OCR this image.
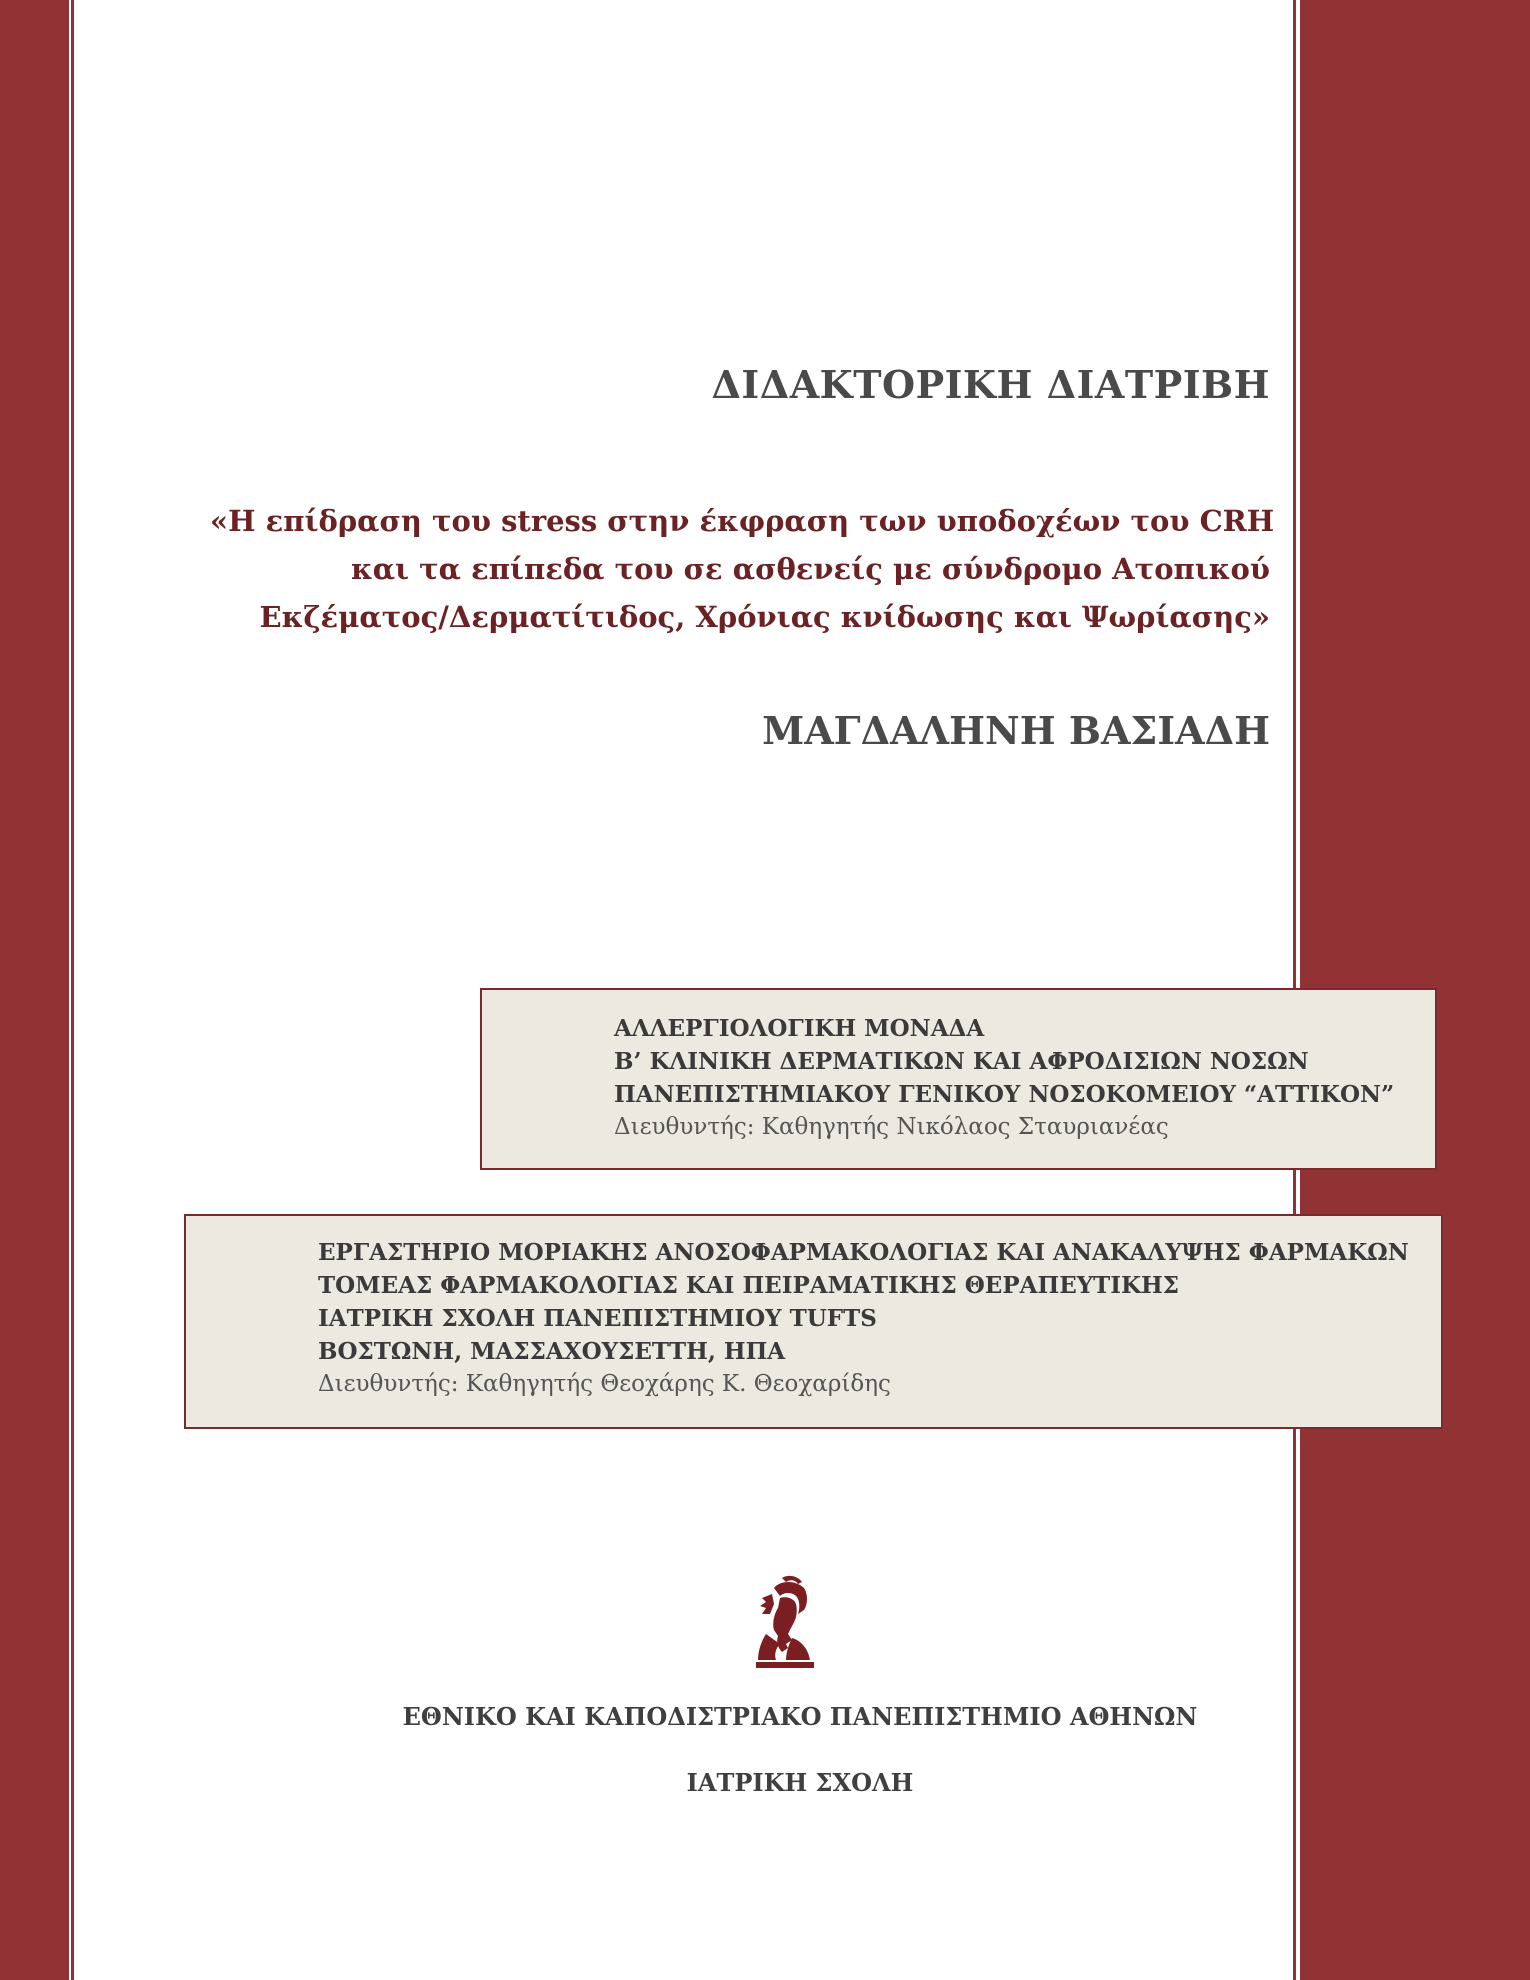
ΔΙΔΑΚΤΟΡΙΚΗ ΔΙΑΤΡΙΒΗ
«Η επίδραση του stress στην έκφραση των υποδοχέων του CRH
και τα επίπεδα του σε ασθενείς με σύνδρομο Ατοπικού
Εκζέματος/Δερματίτιδος, Χρόνιας κνίδωσης και Ψωρίασης»
ΜΑΓΔΑΛΗΝΗ ΒΑΣΙΑΔΗ
ΑΛΛΕΡΓΙΟΛΟΓΙΚΗ ΜΟΝΑΔΑ
Β’ ΚΛΙΝΙΚΗ ΔΕΡΜΑΤΙΚΩΝ ΚΑΙ ΑΦΡΟΔΙΣΙΩΝ ΝΟΣΩΝ
ΠΑΝΕΠΙΣΤΗΜΙΑΚΟΥ ΓΕΝΙΚΟΥ ΝΟΣΟΚΟΜΕΙΟΥ “ΑΤΤΙΚΟΝ”
Διευθυντής: Καθηγητής Νικόλαος Σταυριανέας
ΕΡΓΑΣΤΗΡΙΟ ΜΟΡΙΑΚΗΣ ΑΝΟΣΟΦΑΡΜΑΚΟΛΟΓΙΑΣ ΚΑΙ ΑΝΑΚΑΛΥΨΗΣ ΦΑΡΜΑΚΩΝ
ΤΟΜΕΑΣ ΦΑΡΜΑΚΟΛΟΓΙΑΣ ΚΑΙ ΠΕΙΡΑΜΑΤΙΚΗΣ ΘΕΡΑΠΕΥΤΙΚΗΣ
ΙΑΤΡΙΚΗ ΣΧΟΛΗ ΠΑΝΕΠΙΣΤΗΜΙΟΥ TUFTS
ΒΟΣΤΩΝΗ, ΜΑΣΣΑΧΟΥΣΕΤΤΗ, ΗΠΑ
Διευθυντής: Καθηγητής Θεοχάρης Κ. Θεοχαρίδης
ΕΘΝΙΚΟ ΚΑΙ ΚΑΠΟΔΙΣΤΡΙΑΚΟ ΠΑΝΕΠΙΣΤΗΜΙΟ ΑΘΗΝΩΝ
ΙΑΤΡΙΚΗ ΣΧΟΛΗ
